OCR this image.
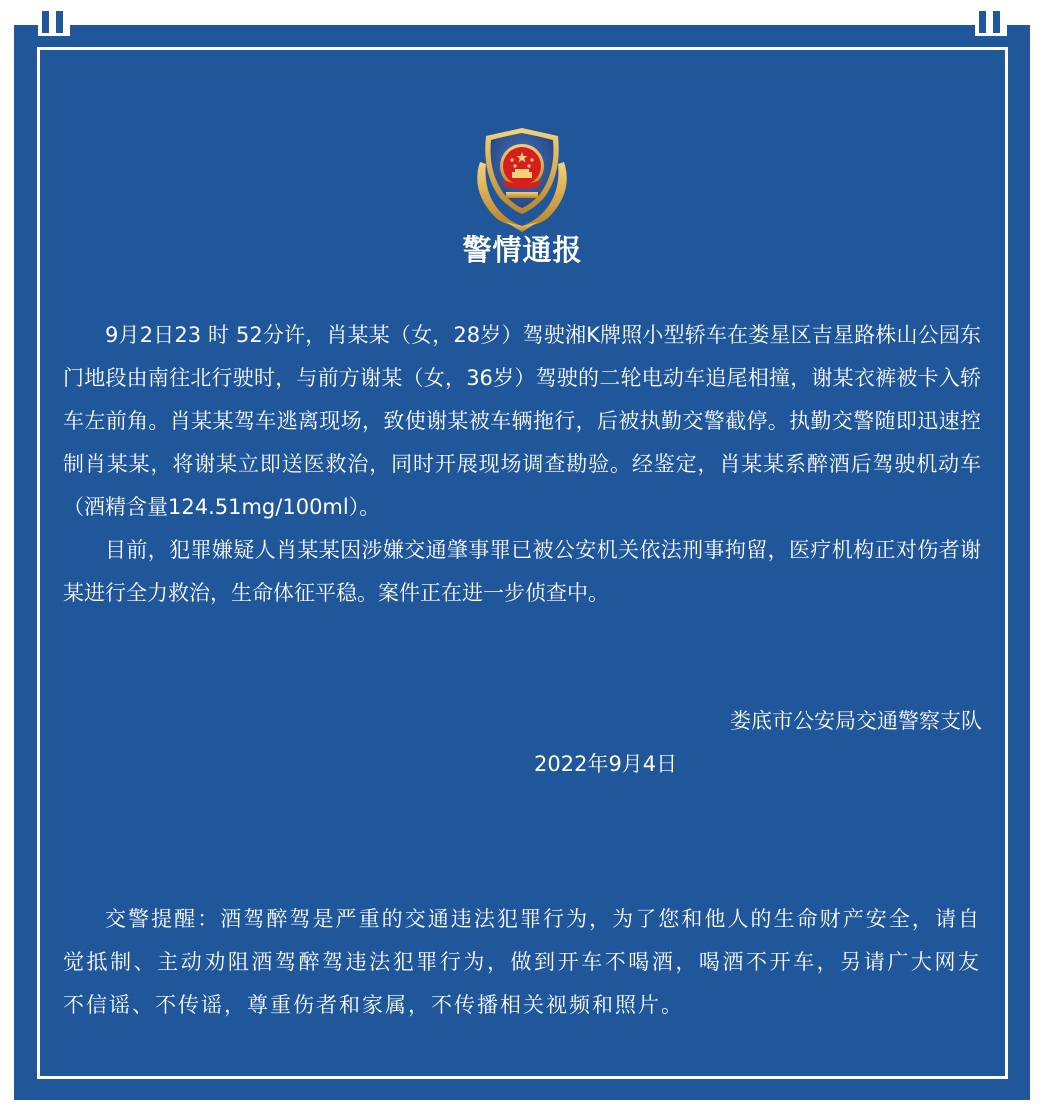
警情通报

9月2日23 时 52分许，肖某某（女，28岁）驾驶湘K牌照小型轿车在娄星区吉星路株山公园东门地段由南往北行驶时，与前方谢某（女，36岁）驾驶的二轮电动车追尾相撞，谢某衣裤被卡入轿车左前角。肖某某驾车逃离现场，致使谢某被车辆拖行，后被执勤交警截停。执勤交警随即迅速控制肖某某，将谢某立即送医救治，同时开展现场调查勘验。经鉴定，肖某某系醉酒后驾驶机动车（酒精含量124.51mg/100ml）。

目前，犯罪嫌疑人肖某某因涉嫌交通肇事罪已被公安机关依法刑事拘留，医疗机构正对伤者谢某进行全力救治，生命体征平稳。案件正在进一步侦查中。

娄底市公安局交通警察支队
2022年9月4日

交警提醒：酒驾醉驾是严重的交通违法犯罪行为，为了您和他人的生命财产安全，请自觉抵制、主动劝阻酒驾醉驾违法犯罪行为，做到开车不喝酒，喝酒不开车，另请广大网友不信谣、不传谣，尊重伤者和家属，不传播相关视频和照片。
